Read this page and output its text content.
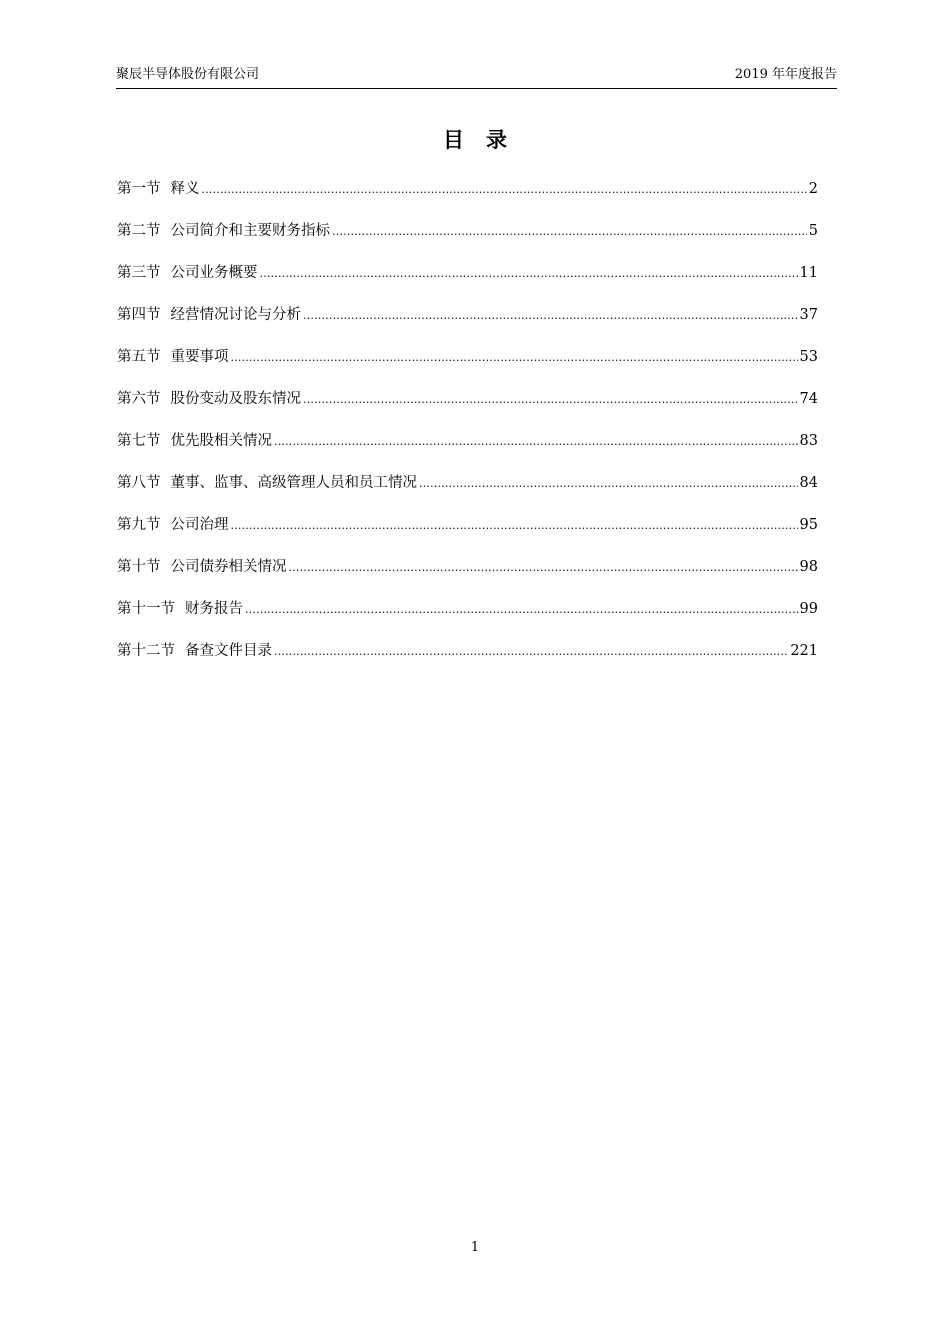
聚辰半导体股份有限公司	2019 年年度报告
目录
第一节 释义 .....	2
第二节 公司简介和主要财务指标 .....	5
第三节 公司业务概要 .....	11
第四节 经营情况讨论与分析 .....	37
第五节 重要事项 .....	53
第六节 股份变动及股东情况 .....	74
第七节 优先股相关情况 .....	83
第八节 董事、监事、高级管理人员和员工情况 .....	84
第九节 公司治理 .....	95
第十节 公司债券相关情况 .....	98
第十一节 财务报告 .....	99
第十二节 备查文件目录 .....	221
1
